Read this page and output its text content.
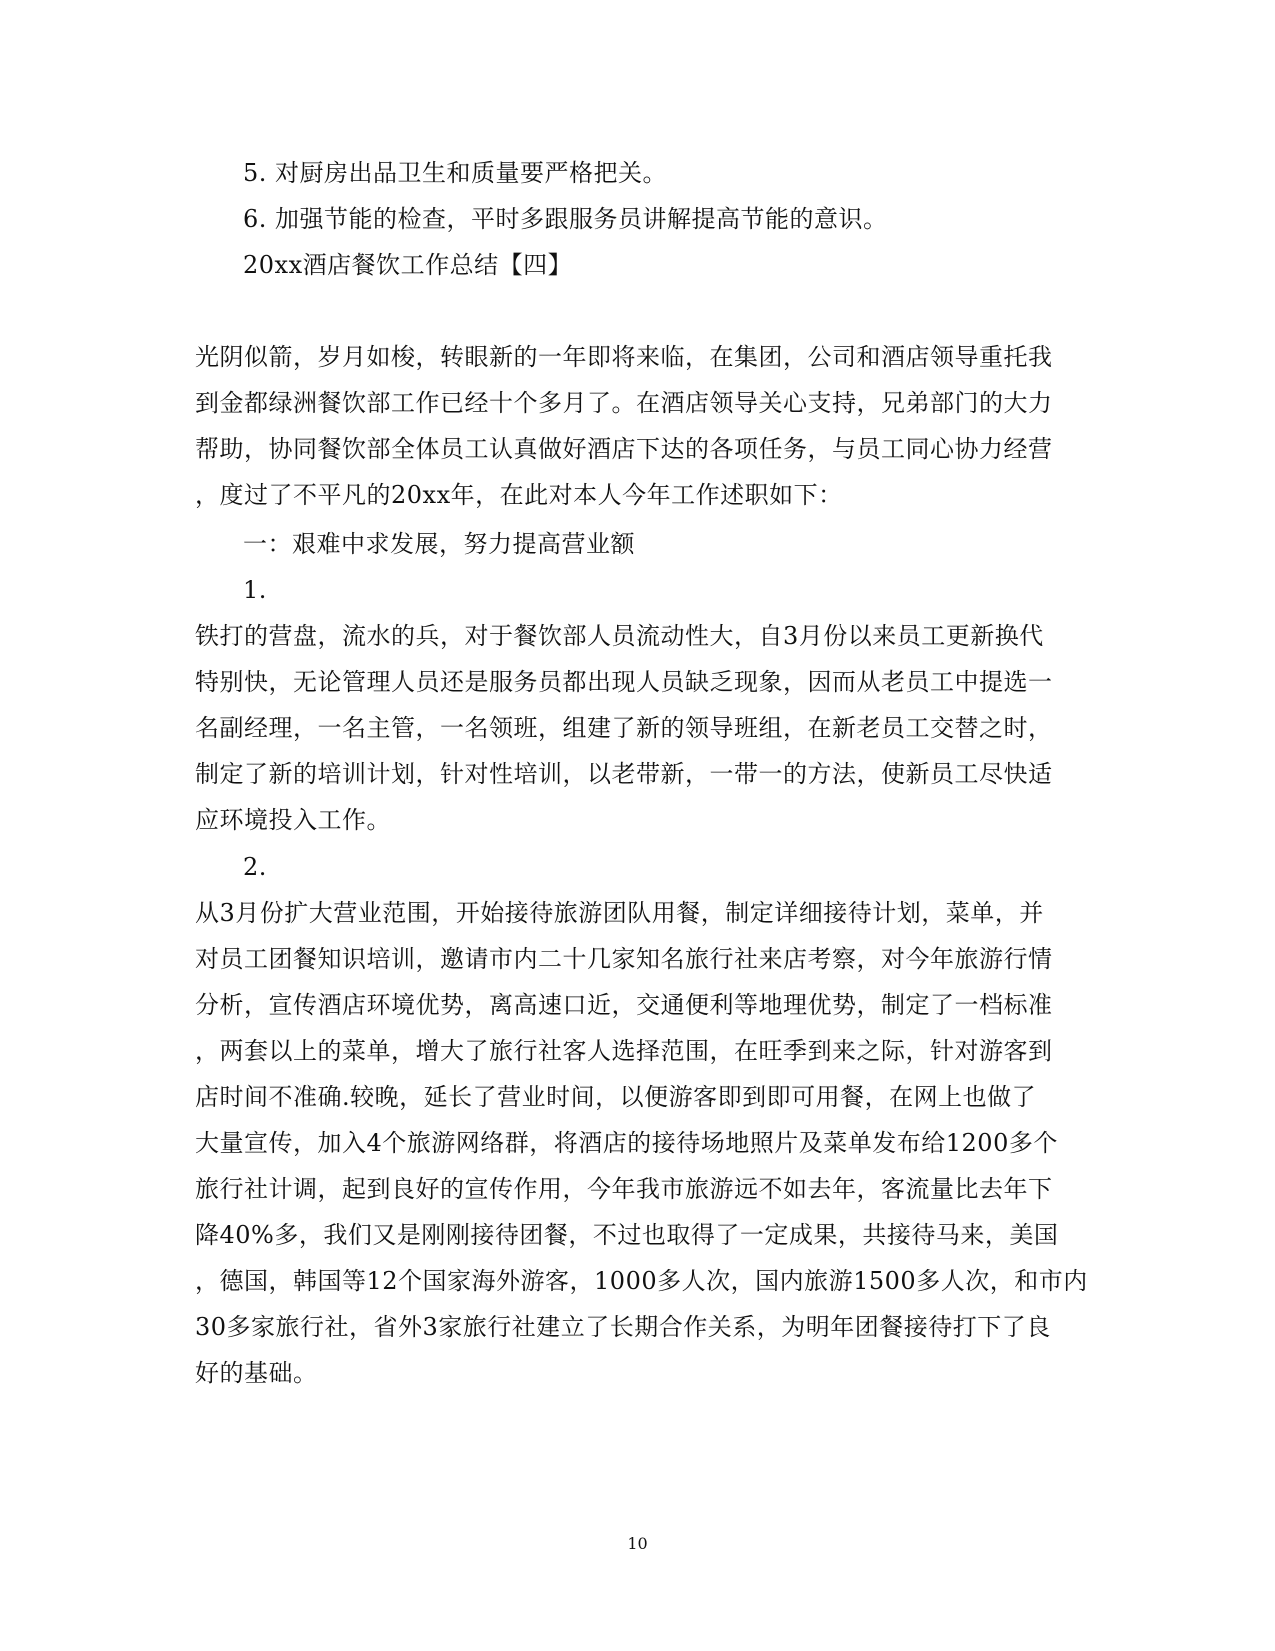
5. 对厨房出品卫生和质量要严格把关。
6. 加强节能的检查，平时多跟服务员讲解提高节能的意识。
20xx酒店餐饮工作总结【四】
光阴似箭，岁月如梭，转眼新的一年即将来临，在集团，公司和酒店领导重托我
到金都绿洲餐饮部工作已经十个多月了。在酒店领导关心支持，兄弟部门的大力
帮助，协同餐饮部全体员工认真做好酒店下达的各项任务，与员工同心协力经营
，度过了不平凡的20xx年，在此对本人今年工作述职如下：
一：艰难中求发展，努力提高营业额
1.
铁打的营盘，流水的兵，对于餐饮部人员流动性大，自3月份以来员工更新换代
特别快，无论管理人员还是服务员都出现人员缺乏现象，因而从老员工中提选一
名副经理，一名主管，一名领班，组建了新的领导班组，在新老员工交替之时，
制定了新的培训计划，针对性培训，以老带新，一带一的方法，使新员工尽快适
应环境投入工作。
2.
从3月份扩大营业范围，开始接待旅游团队用餐，制定详细接待计划，菜单，并
对员工团餐知识培训，邀请市内二十几家知名旅行社来店考察，对今年旅游行情
分析，宣传酒店环境优势，离高速口近，交通便利等地理优势，制定了一档标准
，两套以上的菜单，增大了旅行社客人选择范围，在旺季到来之际，针对游客到
店时间不准确.较晚，延长了营业时间，以便游客即到即可用餐，在网上也做了
大量宣传，加入4个旅游网络群，将酒店的接待场地照片及菜单发布给1200多个
旅行社计调，起到良好的宣传作用，今年我市旅游远不如去年，客流量比去年下
降40%多，我们又是刚刚接待团餐，不过也取得了一定成果，共接待马来，美国
，德国，韩国等12个国家海外游客，1000多人次，国内旅游1500多人次，和市内
30多家旅行社，省外3家旅行社建立了长期合作关系，为明年团餐接待打下了良
好的基础。
10
